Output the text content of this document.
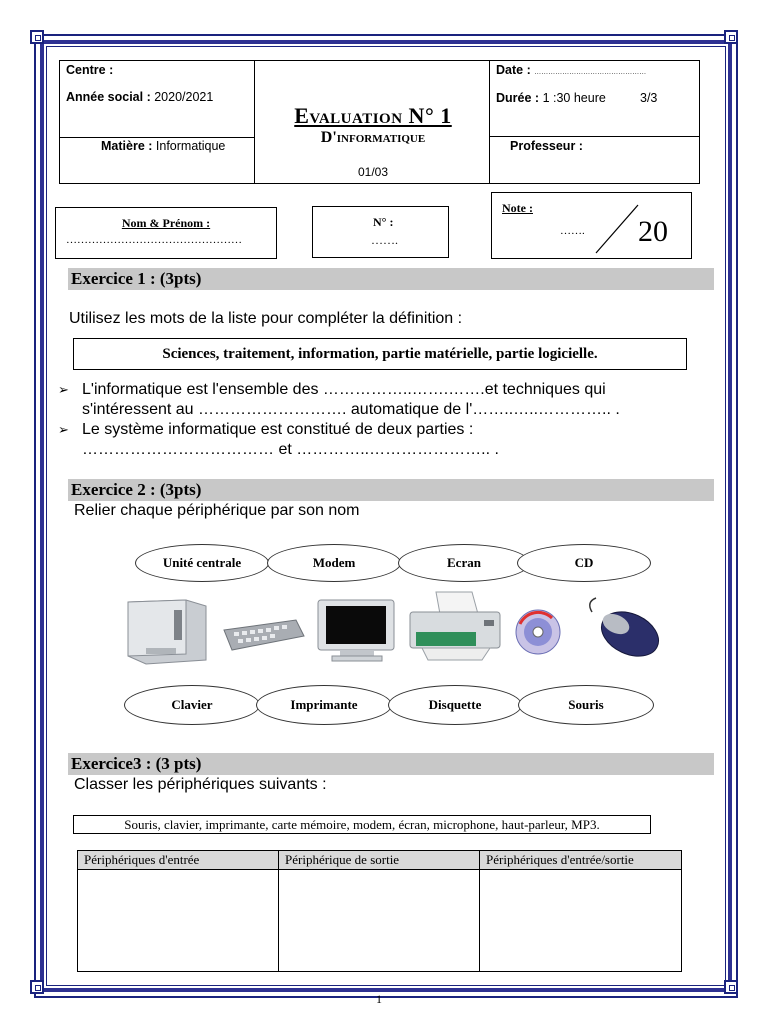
Centre :
Année social : 2020/2021
Matière : Informatique
Evaluation N° 1
D'informatique
01/03
Date : …………………………………………
Durée : 1 :30 heure	3/3
Professeur :
Nom & Prénom :
…………………………………………
N° :
…….
Note :
……. 20
Exercice 1 : (3pts)
Utilisez les mots de la liste pour compléter la définition :
Sciences, traitement, information, partie matérielle, partie logicielle.
➢ L'informatique est l'ensemble des ……………..…….…….et techniques qui
s'intéressent au ………………………. automatique de l'……..…..………….. .
➢ Le système informatique est constitué de deux parties :
……………………………… et …………..………………….. .
Exercice 2 : (3pts)
Relier chaque périphérique par son nom
Unité centrale	Modem	Ecran	CD
Clavier	Imprimante	Disquette	Souris
Exercice3 : (3 pts)
Classer les périphériques suivants :
Souris, clavier, imprimante, carte mémoire, modem, écran, microphone, haut-parleur, MP3.
Périphériques d'entrée	Périphérique de sortie	Périphériques d'entrée/sortie

1
